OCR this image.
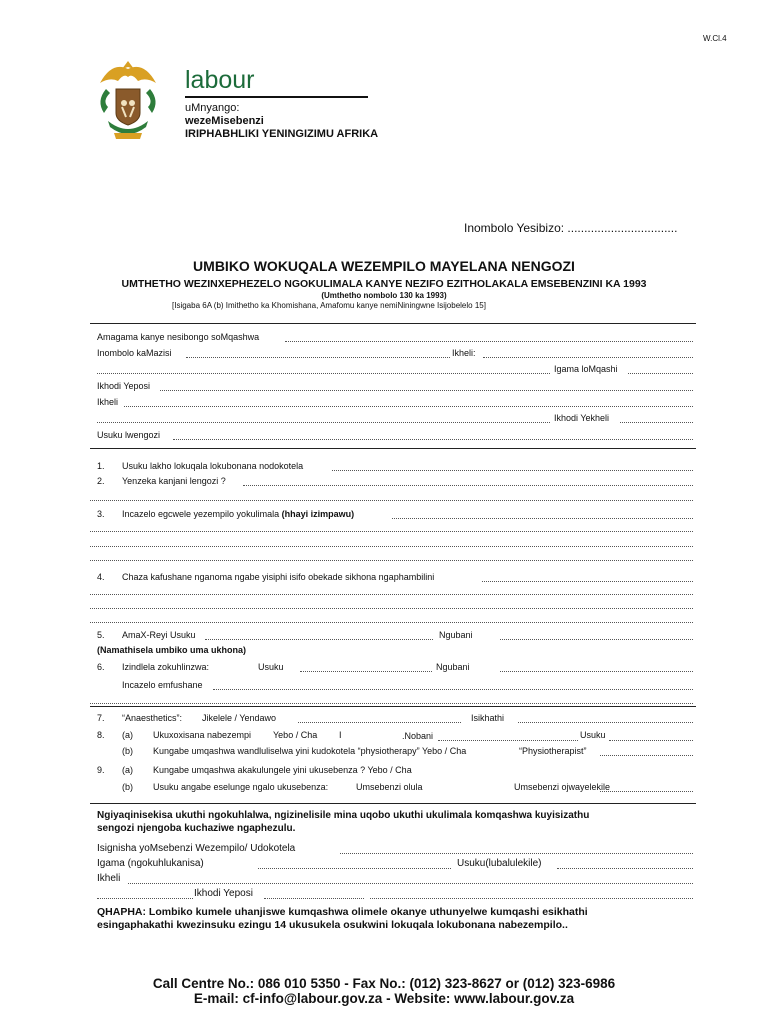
W.Cl.4
labour
uMnyango:
wezeMisebenzi
IRIPHABHLIKI YENINGIZIMU AFRIKA
Inombolo Yesibizo: .................................
UMBIKO WOKUQALA WEZEMPILO MAYELANA NENGOZI
UMTHETHO WEZINXEPHEZELO NGOKULIMALA KANYE NEZIFO EZITHOLAKALA EMSEBENZINI KA 1993
(Umthetho nombolo 130 ka 1993)
[Isigaba 6A (b) Imithetho ka Khomishana, Amafomu kanye nemiNiningwne Isijobelelo 15]
Amagama kanye nesibongo soMqashwa
Inombolo kaMazisi	Ikheli:
Igama loMqashi
Ikhodi Yeposi
Ikheli
Ikhodi Yekheli
Usuku lwengozi
1. Usuku lakho lokuqala lokubonana nodokotela
2. Yenzeka kanjani lengozi ?
3. Incazelo egcwele yezempilo yokulimala (hhayi izimpawu)
4. Chaza kafushane nganoma ngabe yisiphi isifo obekade sikhona ngaphambilini
5. AmaX-Reyi Usuku	Ngubani
(Namathisela umbiko uma ukhona)
6. Izindlela zokuhlinzwa:	Usuku	Ngubani
Incazelo emfushane
7. “Anaesthetics”: Jikelele / Yendawo	Isikhathi
8. (a) Ukuxoxisana nabezempi Yebo / Cha I	.Nobani	Usuku
(b) Kungabe umqashwa wandluliselwa yini kudokotela “physiotherapy” Yebo / Cha	“Physiotherapist”
9. (a) Kungabe umqashwa akakulungele yini ukusebenza ? Yebo / Cha
(b) Usuku angabe eselunge ngalo ukusebenza:	Umsebenzi olula	Umsebenzi ojwayelekile
Ngiyaqinisekisa ukuthi ngokuhlalwa, ngizinelisile mina uqobo ukuthi ukulimala komqashwa kuyisizathu
sengozi njengoba kuchaziwe ngaphezulu.
Isignisha yoMsebenzi Wezempilo/ Udokotela
Igama (ngokuhlukanisa)	Usuku(lubalulekile)
Ikheli
Ikhodi Yeposi
QHAPHA: Lombiko kumele uhanjiswe kumqashwa olimele okanye uthunyelwe kumqashi esikhathi
esingaphakathi kwezinsuku ezingu 14 ukusukela osukwini lokuqala lokubonana nabezempilo..
Call Centre No.: 086 010 5350 - Fax No.: (012) 323-8627 or (012) 323-6986
E-mail: cf-info@labour.gov.za - Website: www.labour.gov.za
